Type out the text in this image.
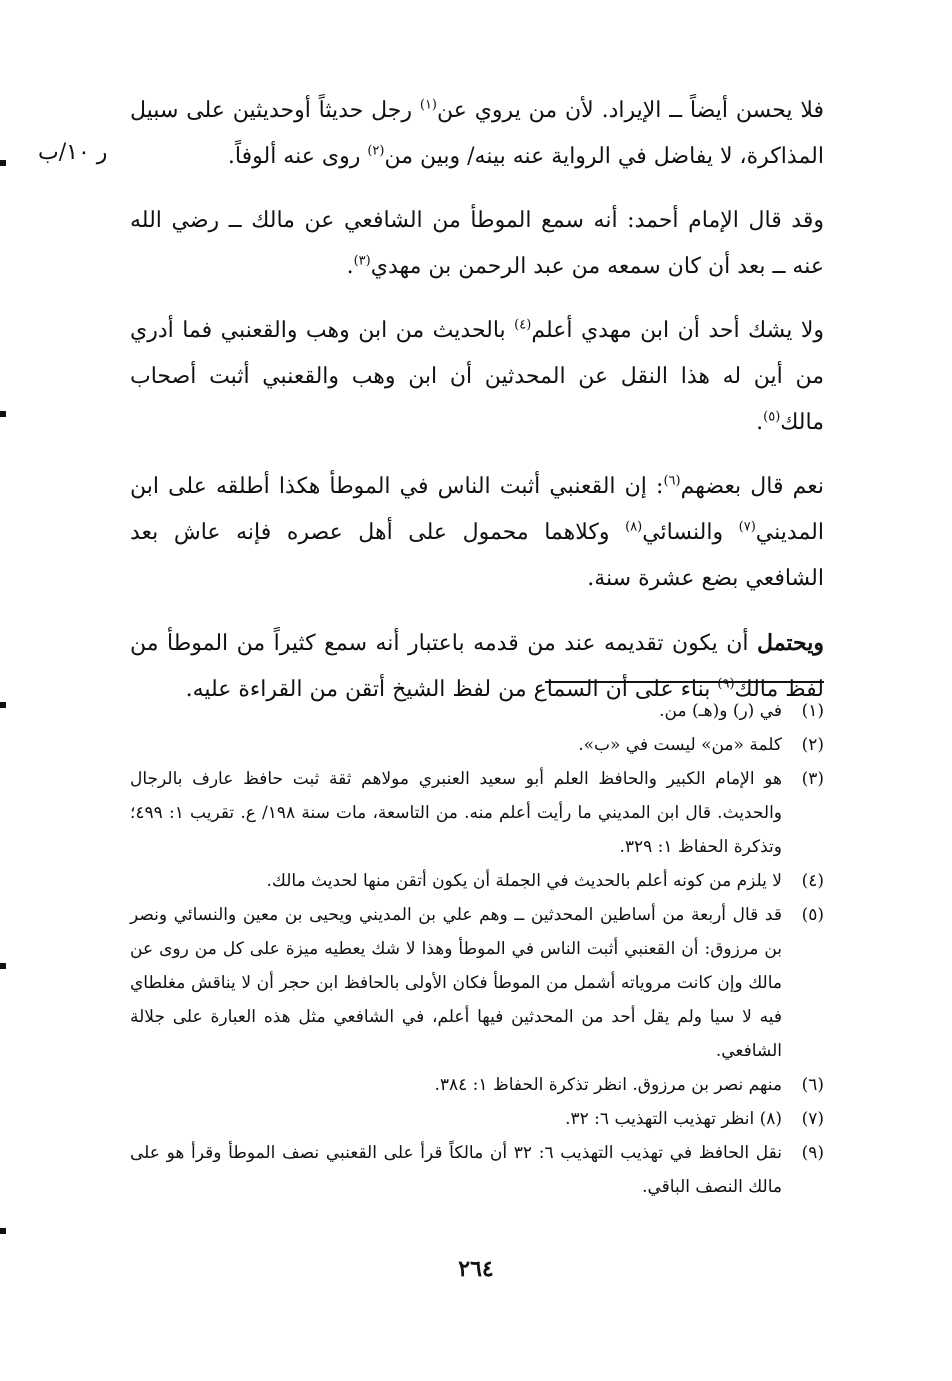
ر ١٠/ب

فلا يحسن أيضاً ــ الإيراد. لأن من يروي عن$^{(١)}$ رجل حديثاً أوحديثين على سبيل المذاكرة، لا يفاضل في الرواية عنه بينه/ وبين من$^{(٢)}$ روى عنه ألوفاً.

وقد قال الإمام أحمد: أنه سمع الموطأ من الشافعي عن مالك ــ رضي الله عنه ــ بعد أن كان سمعه من عبد الرحمن بن مهدي$^{(٣)}$.

ولا يشك أحد أن ابن مهدي أعلم$^{(٤)}$ بالحديث من ابن وهب والقعنبي فما أدري من أين له هذا النقل عن المحدثين أن ابن وهب والقعنبي أثبت أصحاب مالك$^{(٥)}$.

نعم قال بعضهم$^{(٦)}$: إن القعنبي أثبت الناس في الموطأ هكذا أطلقه على ابن المديني$^{(٧)}$ والنسائي$^{(٨)}$ وكلاهما محمول على أهل عصره فإنه عاش بعد الشافعي بضع عشرة سنة.

ويحتمل أن يكون تقديمه عند من قدمه باعتبار أنه سمع كثيراً من الموطأ من لفظ مالك$^{(٩)}$ بناء على أن السماع من لفظ الشيخ أتقن من القراءة عليه.

(١)
في (ر) و(هـ) من.
(٢)
كلمة «من» ليست في «ب».
(٣)
هو الإمام الكبير والحافظ العلم أبو سعيد العنبري مولاهم ثقة ثبت حافظ عارف بالرجال والحديث. قال ابن المديني ما رأيت أعلم منه. من التاسعة، مات سنة ١٩٨/ ع. تقريب ١: ٤٩٩؛ وتذكرة الحفاظ ١: ٣٢٩.
(٤)
لا يلزم من كونه أعلم بالحديث في الجملة أن يكون أتقن منها لحديث مالك.
(٥)
قد قال أربعة من أساطين المحدثين ــ وهم علي بن المديني ويحيى بن معين والنسائي ونصر بن مرزوق: أن القعنبي أثبت الناس في الموطأ وهذا لا شك يعطيه ميزة على كل من روى عن مالك وإن كانت مروياته أشمل من الموطأ فكان الأولى بالحافظ ابن حجر أن لا يناقش مغلطاي فيه لا سيا ولم يقل أحد من المحدثين فيها أعلم، في الشافعي مثل هذه العبارة على جلالة الشافعي.
(٦)
منهم نصر بن مرزوق. انظر تذكرة الحفاظ ١: ٣٨٤.
(٧)
(٨) انظر تهذيب التهذيب ٦: ٣٢.
(٩)
نقل الحافظ في تهذيب التهذيب ٦: ٣٢ أن مالكاً قرأ على القعنبي نصف الموطأ وقرأ هو على مالك النصف الباقي.
٢٦٤
